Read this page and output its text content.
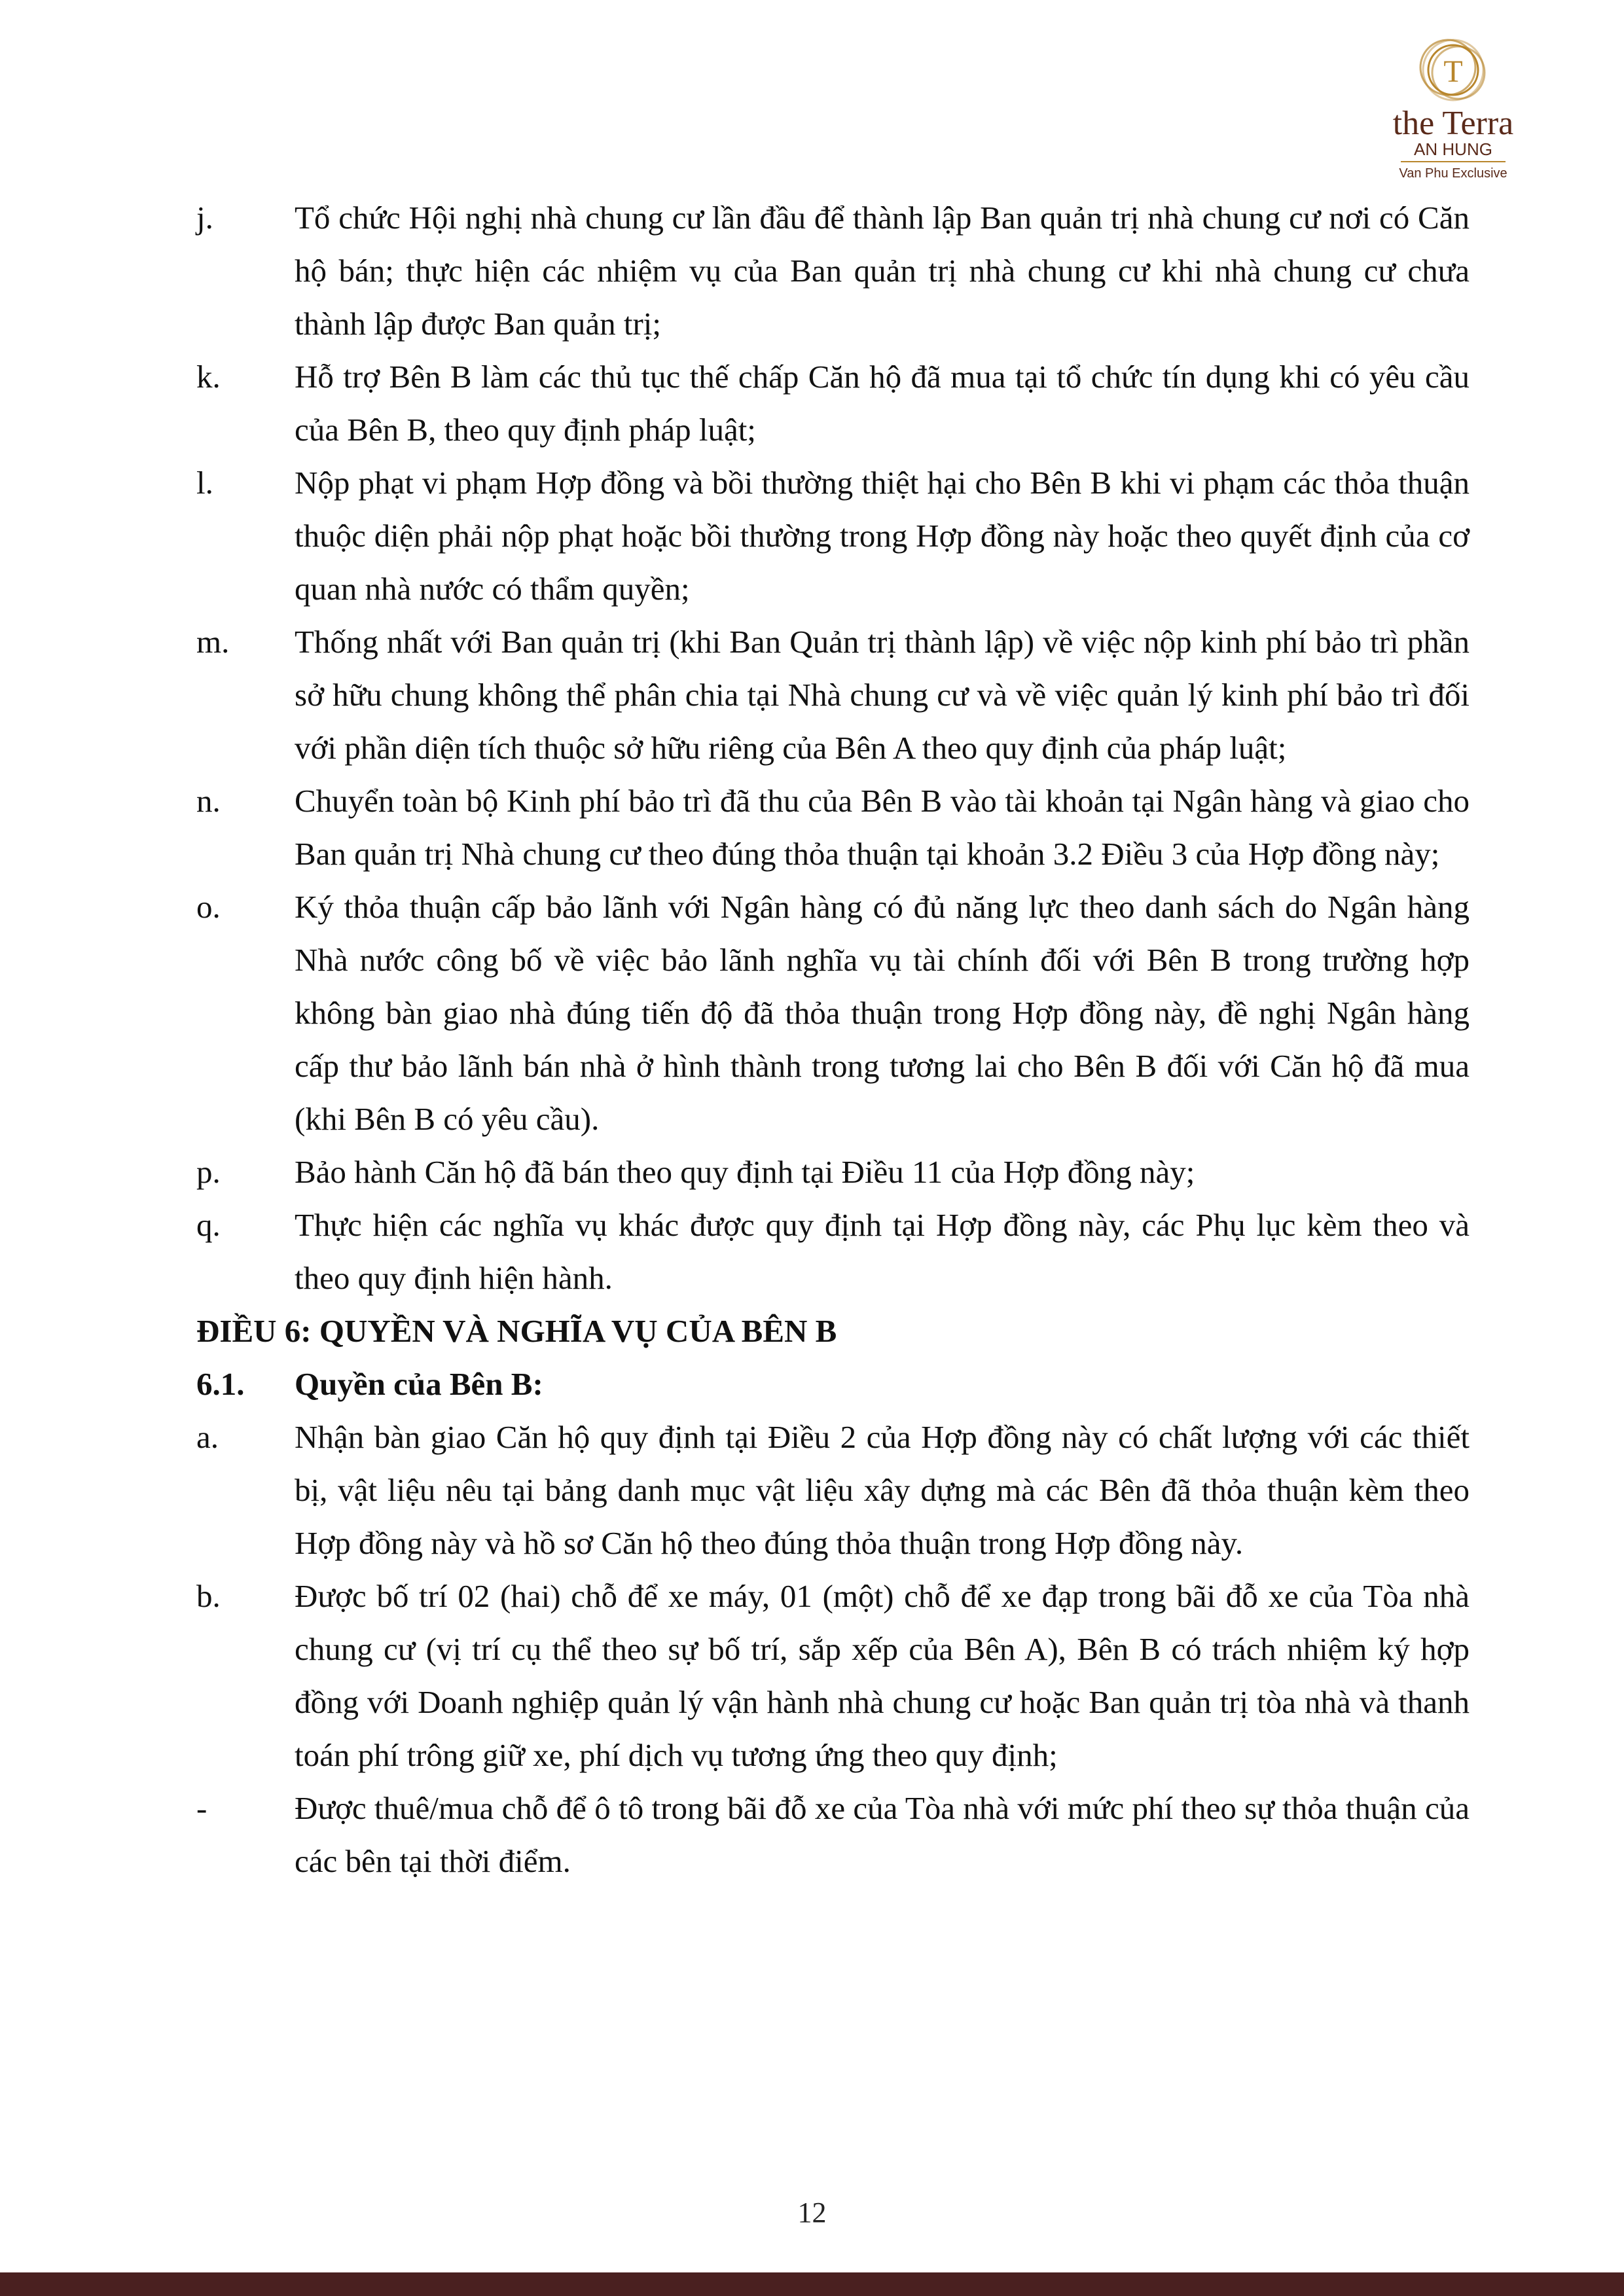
T
the Terra
AN HUNG
Van Phu Exclusive
j.	Tổ chức Hội nghị nhà chung cư lần đầu để thành lập Ban quản trị nhà chung cư nơi có Căn hộ bán; thực hiện các nhiệm vụ của Ban quản trị nhà chung cư khi nhà chung cư chưa thành lập được Ban quản trị;
k. Hỗ trợ Bên B làm các thủ tục thế chấp Căn hộ đã mua tại tổ chức tín dụng khi có yêu cầu của Bên B, theo quy định pháp luật;
l.	Nộp phạt vi phạm Hợp đồng và bồi thường thiệt hại cho Bên B khi vi phạm các thỏa thuận thuộc diện phải nộp phạt hoặc bồi thường trong Hợp đồng này hoặc theo quyết định của cơ quan nhà nước có thẩm quyền;
m. Thống nhất với Ban quản trị (khi Ban Quản trị thành lập) về việc nộp kinh phí bảo trì phần sở hữu chung không thể phân chia tại Nhà chung cư và về việc quản lý kinh phí bảo trì đối với phần diện tích thuộc sở hữu riêng của Bên A theo quy định của pháp luật;
n. Chuyển toàn bộ Kinh phí bảo trì đã thu của Bên B vào tài khoản tại Ngân hàng và giao cho Ban quản trị Nhà chung cư theo đúng thỏa thuận tại khoản 3.2 Điều 3 của Hợp đồng này;
o. Ký thỏa thuận cấp bảo lãnh với Ngân hàng có đủ năng lực theo danh sách do Ngân hàng Nhà nước công bố về việc bảo lãnh nghĩa vụ tài chính đối với Bên B trong trường hợp không bàn giao nhà đúng tiến độ đã thỏa thuận trong Hợp đồng này, đề nghị Ngân hàng cấp thư bảo lãnh bán nhà ở hình thành trong tương lai cho Bên B đối với Căn hộ đã mua (khi Bên B có yêu cầu).
p. Bảo hành Căn hộ đã bán theo quy định tại Điều 11 của Hợp đồng này;
q. Thực hiện các nghĩa vụ khác được quy định tại Hợp đồng này, các Phụ lục kèm theo và theo quy định hiện hành.
ĐIỀU 6: QUYỀN VÀ NGHĨA VỤ CỦA BÊN B
6.1. Quyền của Bên B:
a. Nhận bàn giao Căn hộ quy định tại Điều 2 của Hợp đồng này có chất lượng với các thiết bị, vật liệu nêu tại bảng danh mục vật liệu xây dựng mà các Bên đã thỏa thuận kèm theo Hợp đồng này và hồ sơ Căn hộ theo đúng thỏa thuận trong Hợp đồng này.
b. Được bố trí 02 (hai) chỗ để xe máy, 01 (một) chỗ để xe đạp trong bãi đỗ xe của Tòa nhà chung cư (vị trí cụ thể theo sự bố trí, sắp xếp của Bên A), Bên B có trách nhiệm ký hợp đồng với Doanh nghiệp quản lý vận hành nhà chung cư hoặc Ban quản trị tòa nhà và thanh toán phí trông giữ xe, phí dịch vụ tương ứng theo quy định;
-	Được thuê/mua chỗ để ô tô trong bãi đỗ xe của Tòa nhà với mức phí theo sự thỏa thuận của các bên tại thời điểm.
12
